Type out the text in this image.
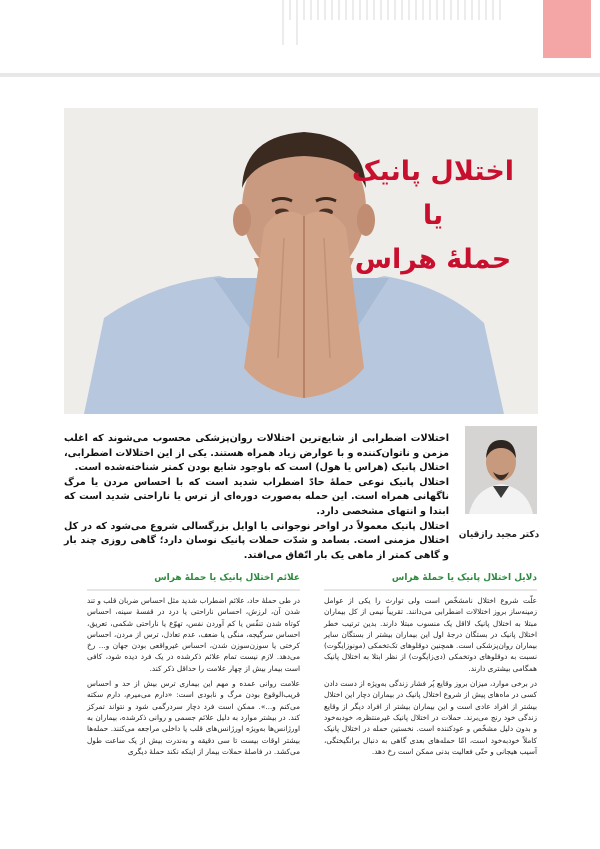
اختلال پانیک
یا
حملهٔ هراس

اختلالات اضطرابی از شایع‌ترین اختلالات روان‌پزشکی محسوب می‌شوند که اغلب مزمن و ناتوان‌کننده و با عوارض زیاد همراه هستند. یکی از این اختلالات اضطرابی، اختلال پانیک (هراس یا هول) است که باوجود شایع بودن کمتر شناخته‌شده است.

اختلال پانیک نوعی حملهٔ حادّ اضطراب شدید است که با احساس مردن یا مرگ ناگهانی همراه است. این حمله به‌صورت دوره‌ای از ترس یا ناراحتی شدید است که ابتدا و انتهای مشخصی دارد.

اختلال پانیک معمولاً در اواخر نوجوانی یا اوایل بزرگسالی شروع می‌شود که در کل اختلال مزمنی است. بسامد و شدّت حملات پانیک نوسان دارد؛ گاهی روزی چند بار و گاهی کمتر از ماهی یک بار اتّفاق می‌افتد.

دکتر مجید رازقیان
دلایل اختلال پانیک یا حملهٔ هراس

علّت شروع اختلال نامشخّص است ولی توارث را یکی از عوامل زمینه‌ساز بروز اختلالات اضطرابی می‌دانند. تقریباً نیمی از کل بیماران مبتلا به اختلال پانیک لااقل یک منسوب مبتلا دارند. بدین ترتیب خطر اختلال پانیک در بستگان درجهٔ اول این بیماران بیشتر از بستگان سایر بیماران روان‌پزشکی است. همچنین دوقلوهای تک‌تخمکی (مونوزایگوت) نسبت به دوقلوهای دوتخمکی (دی‌زایگوت) از نظر ابتلا به اختلال پانیک همگامی بیشتری دارند.

در برخی موارد، میزان بروز وقایع پُر فشار زندگی به‌ویژه از دست دادن کسی در ماه‌های پیش از شروع اختلال پانیک در بیماران دچار این اختلال بیشتر از افراد عادی است و این بیماران بیشتر از افراد دیگر از وقایع زندگی خود رنج می‌برند. حملات در اختلال پانیک غیرمنتظره، خودبه‌خود و بدون دلیل مشخّص و عودکننده است. نخستین حمله در اختلال پانیک کاملاً خودبه‌خود است، امّا حمله‌های بعدی گاهی به دنبال برانگیختگی، آسیب هیجانی و حتّی فعالیت بدنی ممکن است رخ دهد.

علائم اختلال پانیک یا حملهٔ هراس

در طی حملهٔ حاد، علائم اضطراب شدید مثل احساس ضربان قلب و تند شدن آن، لرزش، احساس ناراحتی یا درد در قفسهٔ سینه، احساس کوتاه شدن تنفّس یا کم آوردن نفس، تهوّع یا ناراحتی شکمی، تعریق، احساس سرگیجه، منگی یا ضعف، عدم تعادل، ترس از مردن، احساس کرختی یا سوزن‌سوزن شدن، احساس غیرواقعی بودن جهان و... رخ می‌دهد. لازم نیست تمام علائم ذکرشده در یک فرد دیده شود، کافی است بیمار بیش از چهار علامت را حداقل ذکر کند.

علامت روانی عمده و مهم این بیماری ترس بیش از حد و احساس قریب‌الوقوع بودن مرگ و نابودی است: «دارم می‌میرم، دارم سکته می‌کنم و...». ممکن است فرد دچار سردرگمی شود و نتواند تمرکز کند. در بیشتر موارد به دلیل علائم جسمی و روانی ذکرشده، بیماران به اورژانس‌ها به‌ویژه اورژانس‌های قلب یا داخلی مراجعه می‌کنند. حمله‌ها بیشتر اوقات بیست تا سی دقیقه و به‌ندرت بیش از یک ساعت طول می‌کشد. در فاصلهٔ حملات بیمار از اینکه نکند حملهٔ دیگری
